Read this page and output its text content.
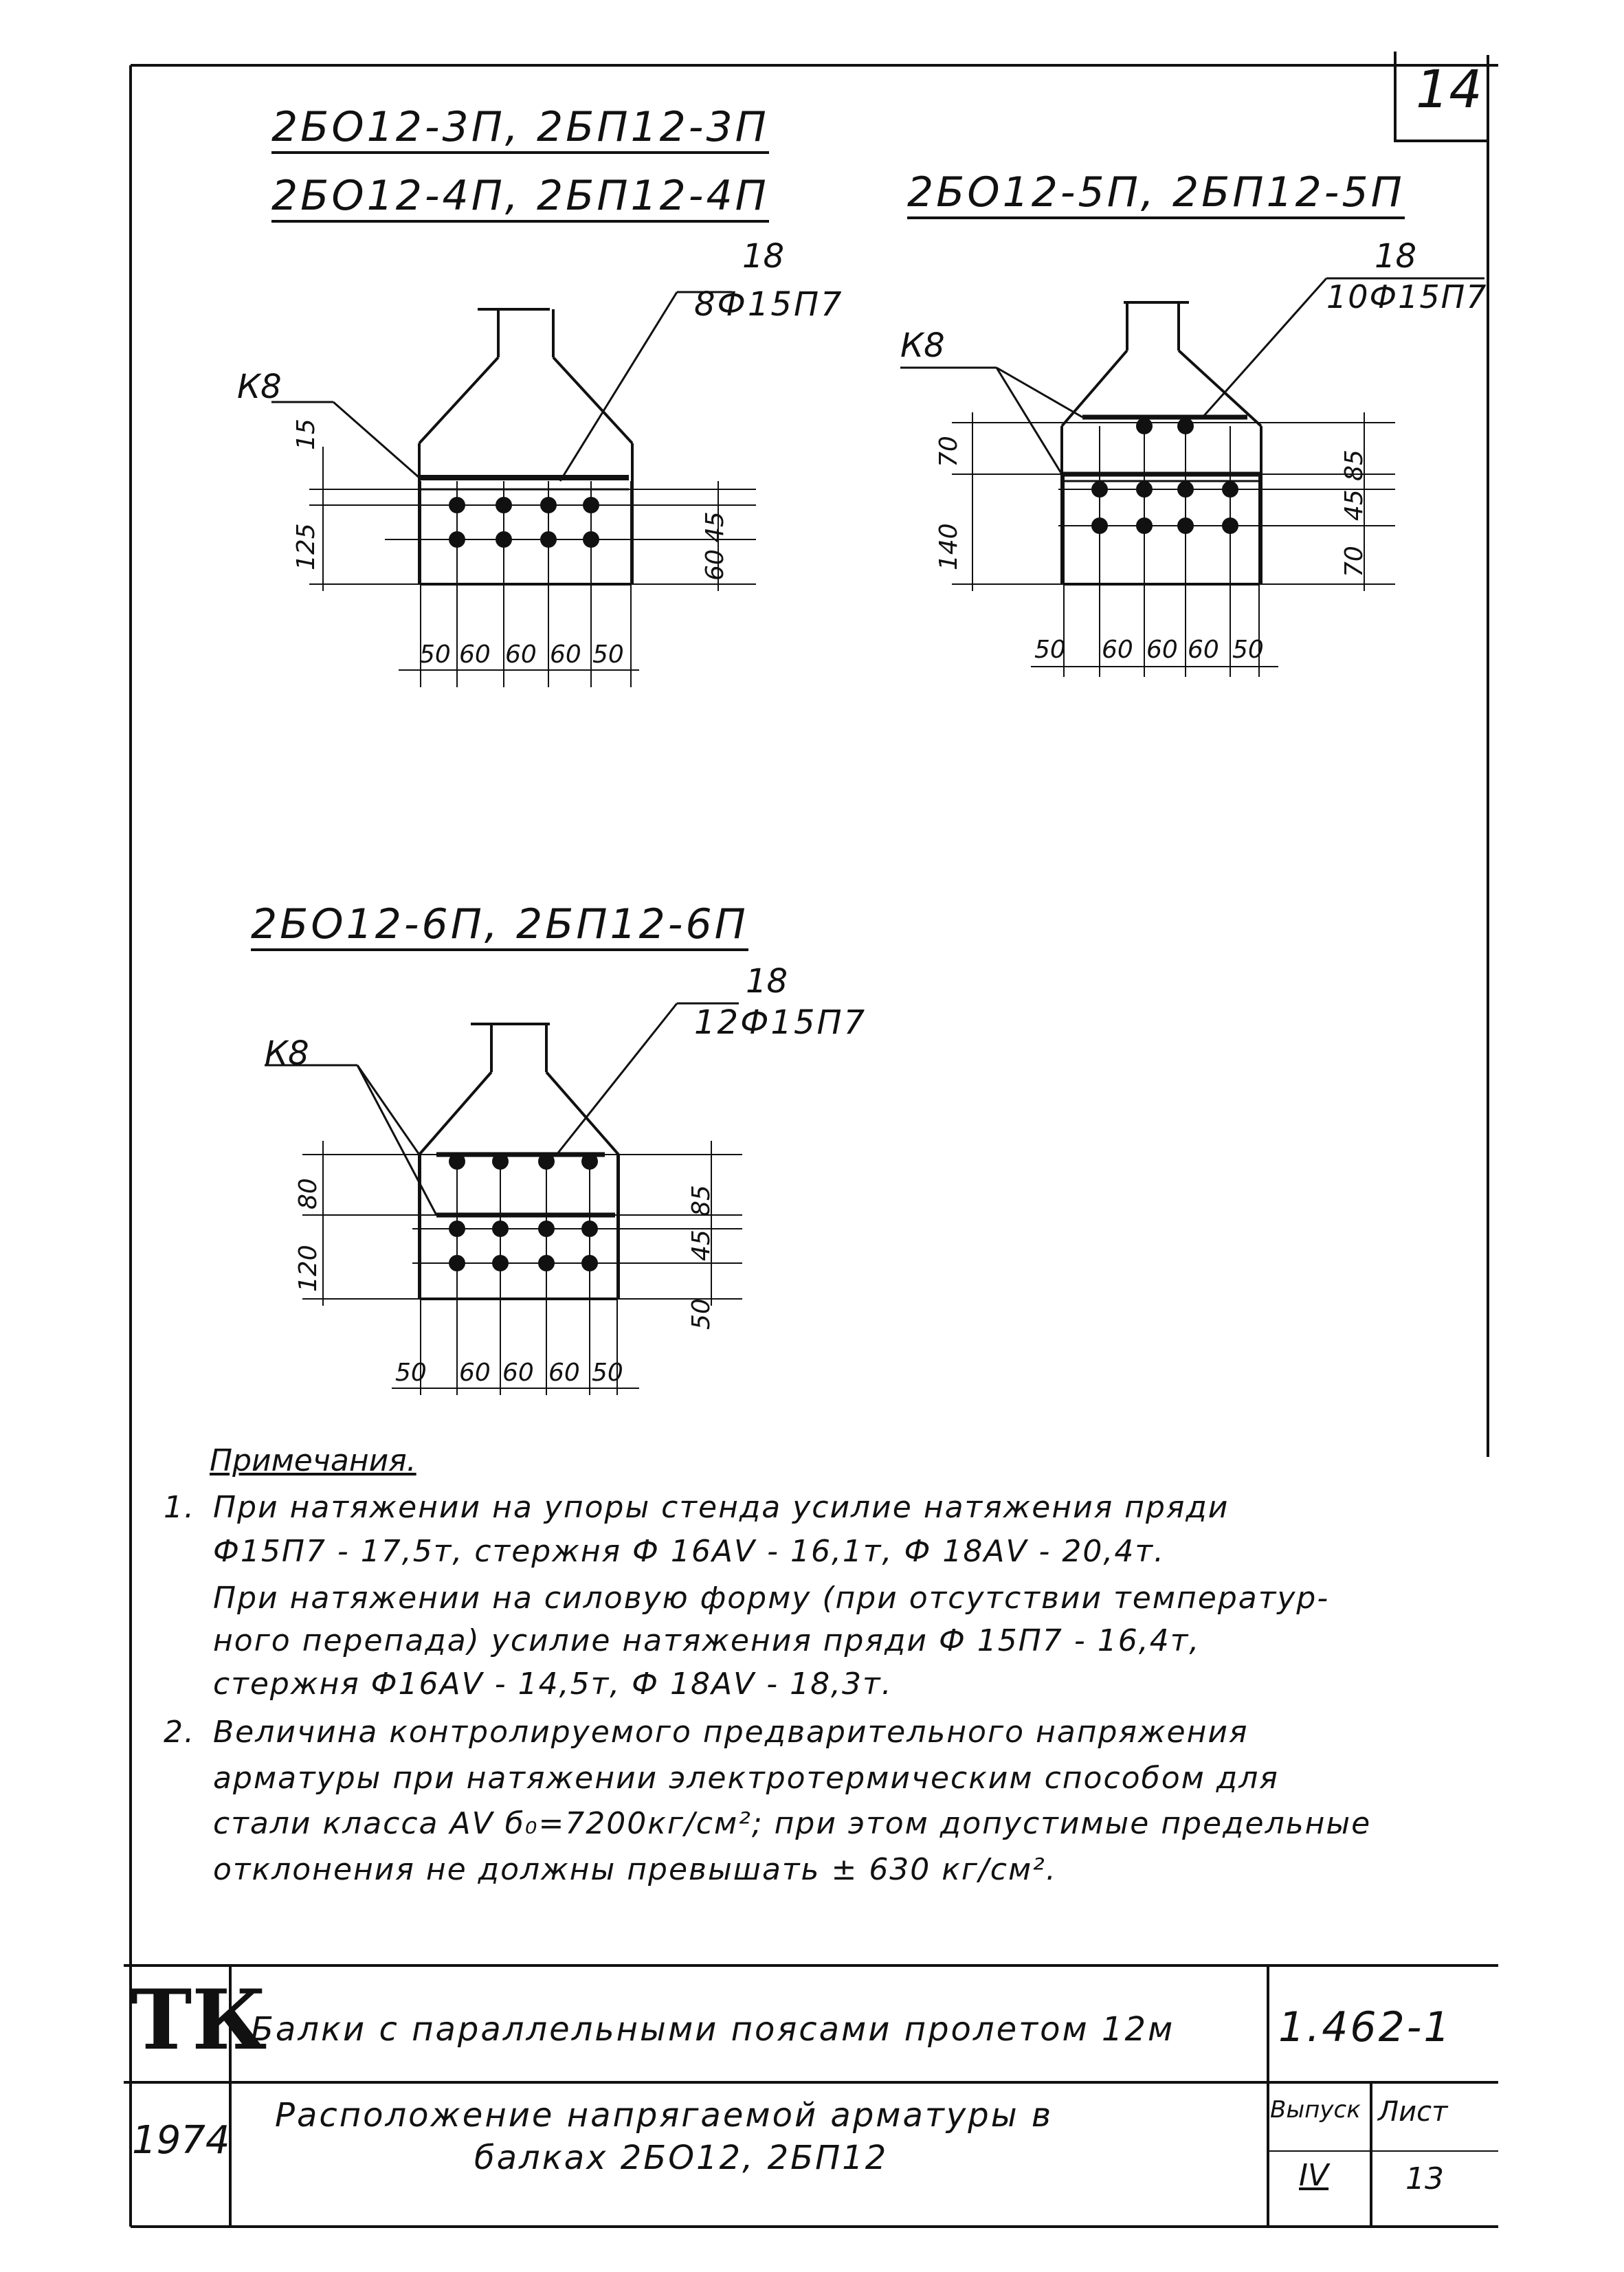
14
2БО12-3П, 2БП12-3П
2БО12-4П, 2БП12-4П
18
8Ф15П7
К8
15
125	45
60
50 60 60 60 50
2БО12-5П, 2БП12-5П
18
10Ф15П7
К8
70
140
85
45
70
50 60 60 60 50
2БО12-6П, 2БП12-6П
18
12Ф15П7
К8
80
120
85
45
50
50 60 60 60 50
Примечания.
1. При натяжении на упоры стенда усилие натяжения пряди
Ф15П7 - 17,5т, стержня Ф 16АV - 16,1т, Ф 18АV - 20,4т.
При натяжении на силовую форму (при отсутствии температур-
ного перепада) усилие натяжения пряди Ф 15П7 - 16,4т,
стержня Ф16АV - 14,5т, Ф 18АV - 18,3т.
2. Величина контролируемого предварительного напряжения
арматуры при натяжении электротермическим способом для
стали класса АV б₀=7200кг/см²; при этом допустимые предельные
отклонения не должны превышать ± 630 кг/см².
ТК
1974
Балки с параллельными поясами пролетом 12м
Расположение напрягаемой арматуры в
балках 2БО12, 2БП12
1.462-1
Выпуск Лист
IV	13
